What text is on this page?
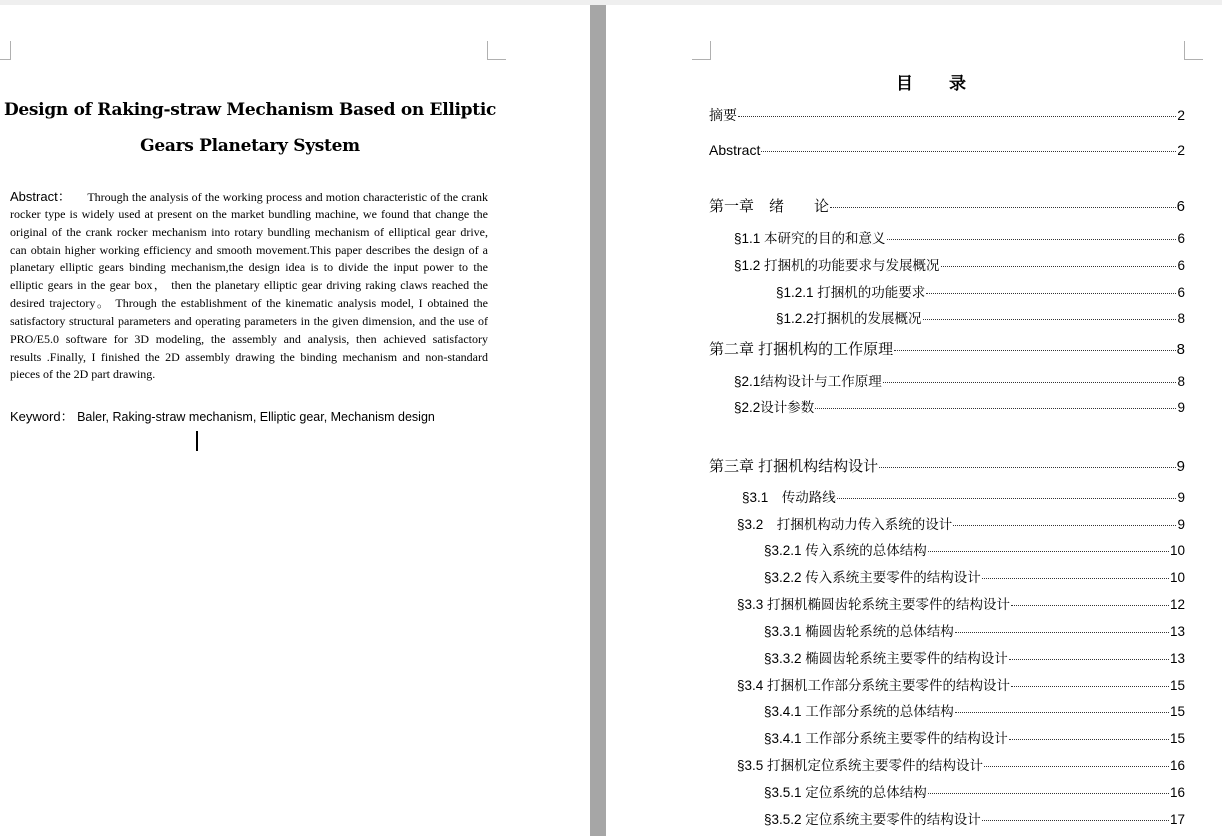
Design of Raking-straw Mechanism Based on Elliptic
Gears Planetary System
Abstract： Through the analysis of the working process and motion characteristic of the crank
rocker type is widely used at present on the market bundling machine, we found that change the
original of the crank rocker mechanism into rotary bundling mechanism of elliptical gear drive,
can obtain higher working efficiency and smooth movement.This paper describes the design of a
planetary elliptic gears binding mechanism,the design idea is to divide the input power to the
elliptic gears in the gear box， then the planetary elliptic gear driving raking claws reached the
desired trajectory。 Through the establishment of the kinematic analysis model, I obtained the
satisfactory structural parameters and operating parameters in the given dimension, and the use of
PRO/E5.0 software for 3D modeling, the assembly and analysis, then achieved satisfactory
results .Finally, I finished the 2D assembly drawing the binding mechanism and non-standard
pieces of the 2D part drawing.
Keyword： Baler, Raking-straw mechanism, Elliptic gear, Mechanism design
目录
摘要	2
Abstract	2
第一章　绪　　论	6
§1.1 本研究的目的和意义	6
§1.2 打捆机的功能要求与发展概况	6
§1.2.1 打捆机的功能要求	6
§1.2.2打捆机的发展概况	8
第二章 打捆机构的工作原理	8
§2.1结构设计与工作原理	8
§2.2设计参数	9
第三章 打捆机构结构设计	9
§3.1　传动路线	9
§3.2　打捆机构动力传入系统的设计	9
§3.2.1 传入系统的总体结构	10
§3.2.2 传入系统主要零件的结构设计	10
§3.3 打捆机椭圆齿轮系统主要零件的结构设计	12
§3.3.1 椭圆齿轮系统的总体结构	13
§3.3.2 椭圆齿轮系统主要零件的结构设计	13
§3.4 打捆机工作部分系统主要零件的结构设计	15
§3.4.1 工作部分系统的总体结构	15
§3.4.1 工作部分系统主要零件的结构设计	15
§3.5 打捆机定位系统主要零件的结构设计	16
§3.5.1 定位系统的总体结构	16
§3.5.2 定位系统主要零件的结构设计	17
